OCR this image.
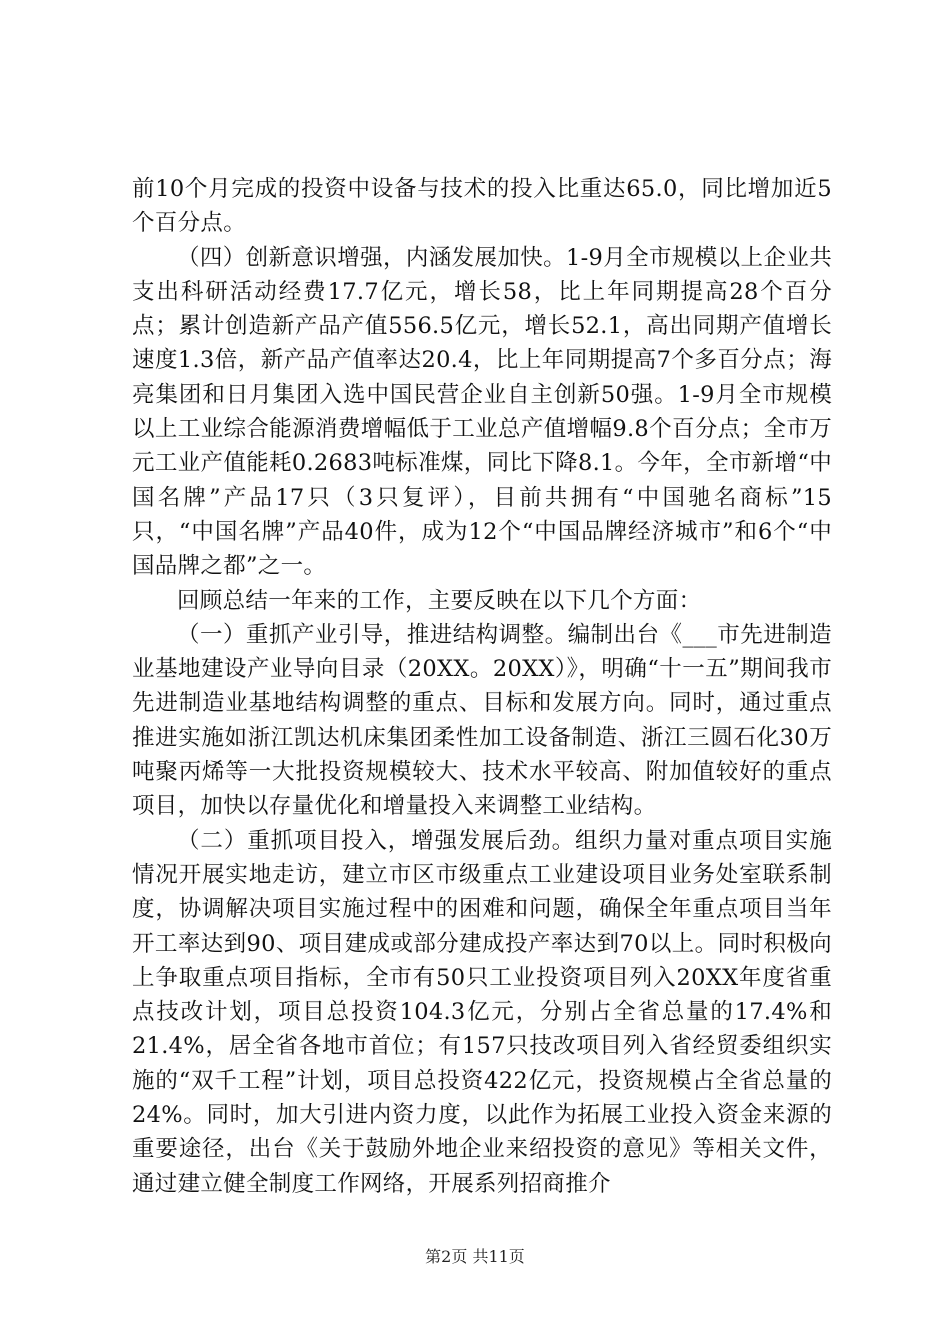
前10个月完成的投资中设备与技术的投入比重达65.0，同比增加近5个百分点。

（四）创新意识增强，内涵发展加快。1-9月全市规模以上企业共支出科研活动经费17.7亿元，增长58，比上年同期提高28个百分点；累计创造新产品产值556.5亿元，增长52.1，高出同期产值增长速度1.3倍，新产品产值率达20.4，比上年同期提高7个多百分点；海亮集团和日月集团入选中国民营企业自主创新50强。1-9月全市规模以上工业综合能源消费增幅低于工业总产值增幅9.8个百分点；全市万元工业产值能耗0.2683吨标准煤，同比下降8.1。今年，全市新增“中国名牌”产品17只（3只复评），目前共拥有“中国驰名商标”15只，“中国名牌”产品40件，成为12个“中国品牌经济城市”和6个“中国品牌之都”之一。

回顾总结一年来的工作，主要反映在以下几个方面：

（一）重抓产业引导，推进结构调整。编制出台《___市先进制造业基地建设产业导向目录（20XX。20XX）》，明确“十一五”期间我市先进制造业基地结构调整的重点、目标和发展方向。同时，通过重点推进实施如浙江凯达机床集团柔性加工设备制造、浙江三圆石化30万吨聚丙烯等一大批投资规模较大、技术水平较高、附加值较好的重点项目，加快以存量优化和增量投入来调整工业结构。

（二）重抓项目投入，增强发展后劲。组织力量对重点项目实施情况开展实地走访，建立市区市级重点工业建设项目业务处室联系制度，协调解决项目实施过程中的困难和问题，确保全年重点项目当年开工率达到90、项目建成或部分建成投产率达到70以上。同时积极向上争取重点项目指标，全市有50只工业投资项目列入20XX年度省重点技改计划，项目总投资104.3亿元，分别占全省总量的17.4%和21.4%，居全省各地市首位；有157只技改项目列入省经贸委组织实施的“双千工程”计划，项目总投资422亿元，投资规模占全省总量的24%。同时，加大引进内资力度，以此作为拓展工业投入资金来源的重要途径，出台《关于鼓励外地企业来绍投资的意见》等相关文件，通过建立健全制度工作网络，开展系列招商推介

第2页 共11页
